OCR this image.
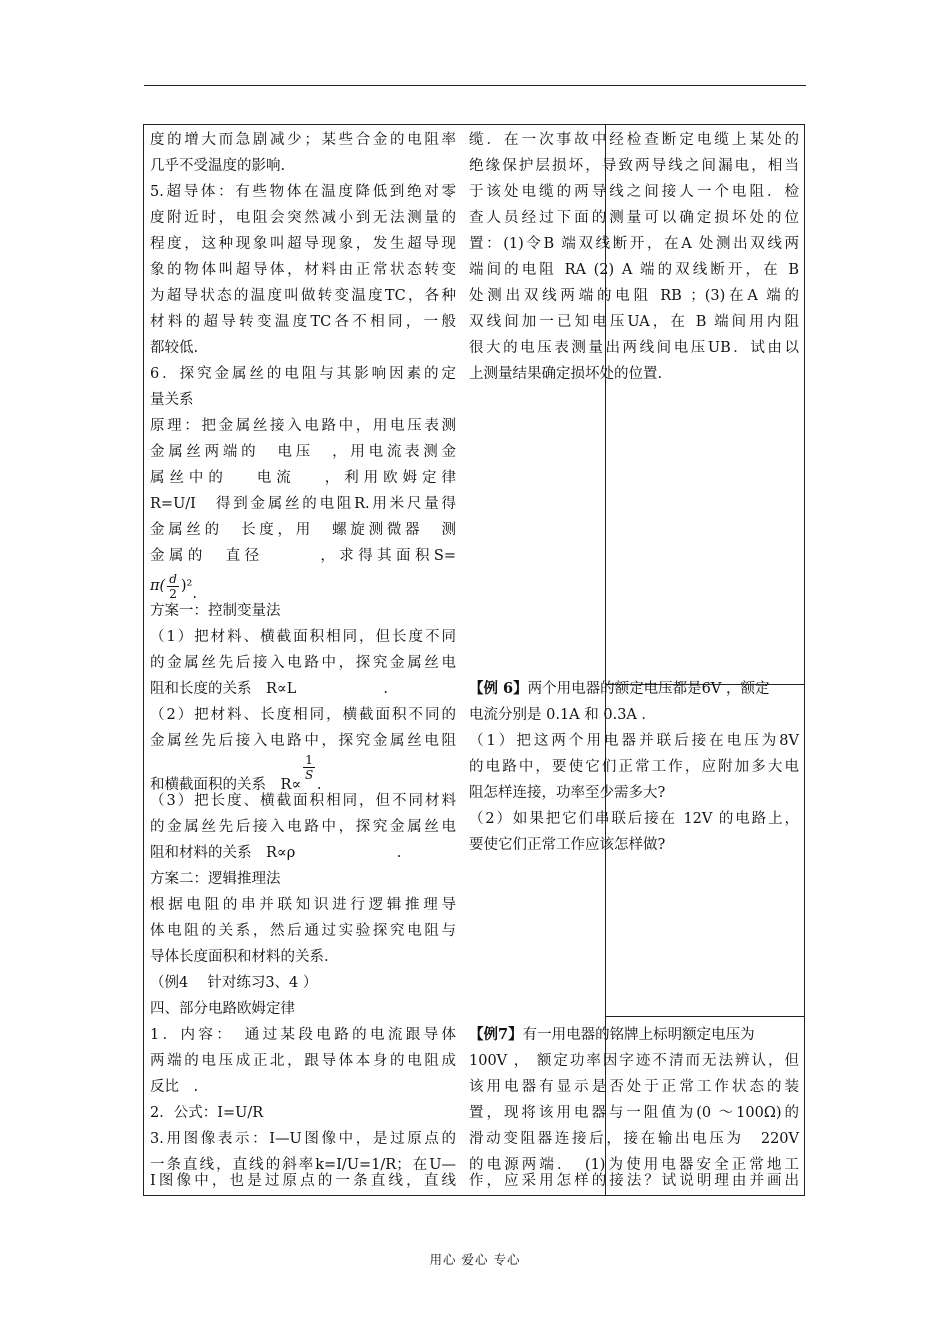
度的增大而急剧减少；某些合金的电阻率
几乎不受温度的影响.
5.超导体：有些物体在温度降低到绝对零
度附近时，电阻会突然减小到无法测量的
程度，这种现象叫超导现象，发生超导现
象的物体叫超导体，材料由正常状态转变
为超导状态的温度叫做转变温度TC，各种
材料的超导转变温度TC各不相同，一般
都较低.
6．探究金属丝的电阻与其影响因素的定
量关系
原理：把金属丝接入电路中，用电压表测
金属丝两端的　电压　，用电流表测金
属丝中的　 电流　 ，利用欧姆定律
R=U/I　得到金属丝的电阻R.用米尺量得
金属丝的　长度，用　螺旋测微器　测
金属的　直径　　　，求得其面积S=
$\pi( \frac{d}{2} )^2$.
方案一：控制变量法
（1）把材料、横截面积相同，但长度不同
的金属丝先后接入电路中，探究金属丝电
阻和长度的关系　R∝L　　　　　　.
（2）把材料、长度相同，横截面积不同的
金属丝先后接入电路中，探究金属丝电阻
和横截面积的关系　R∝
$\frac{1}{S}$
.
（3）把长度、横截面积相同，但不同材料
的金属丝先后接入电路中，探究金属丝电
阻和材料的关系　R∝ρ　　　　　　　.
方案二：逻辑推理法
根据电阻的串并联知识进行逻辑推理导
体电阻的关系，然后通过实验探究电阻与
导体长度面积和材料的关系.
（例4　 针对练习3、4 ）
四、部分电路欧姆定律
1．内容：　通过某段电路的电流跟导体
两端的电压成正北，跟导体本身的电阻成
反比　.
2．公式：I=U/R
3.用图像表示：I—U图像中，是过原点的
一条直线，直线的斜率k=I/U=1/R；在U—
I图像中，也是过原点的一条直线，直线
缆．在一次事故中经检查断定电缆上某处的
绝缘保护层损坏，导致两导线之间漏电，相当
于该处电缆的两导线之间接人一个电阻．检
查人员经过下面的测量可以确定损坏处的位
置：(1)令B 端双线断开，在A 处测出双线两
端间的电阻 RA (2) A 端的双线断开，在 B
处测出双线两端的电阻 RB ；(3)在A 端的
双线间加一已知电压UA，在 B 端间用内阻
很大的电压表测量出两线间电压UB．试由以
上测量结果确定损坏处的位置.
【例 6】两个用电器的额定电压都是6V ，额定
电流分别是 0.1A 和 0.3A ．
（1）把这两个用电器并联后接在电压为8V
的电路中，要使它们正常工作，应附加多大电
阻怎样连接，功率至少需多大?
（2）如果把它们串联后接在 12V 的电路上，
要使它们正常工作应该怎样做?
【例7】有一用电器的铭牌上标明额定电压为
100V ， 额定功率因字迹不清而无法辨认，但
该用电器有显示是否处于正常工作状态的装
置，现将该用电器与一阻值为(0 ～100Ω)的
滑动变阻器连接后，接在输出电压为　220V
的电源两端．　(1)为使用电器安全正常地工
作，应采用怎样的接法？试说明理由并画出
用心 爱心 专心
